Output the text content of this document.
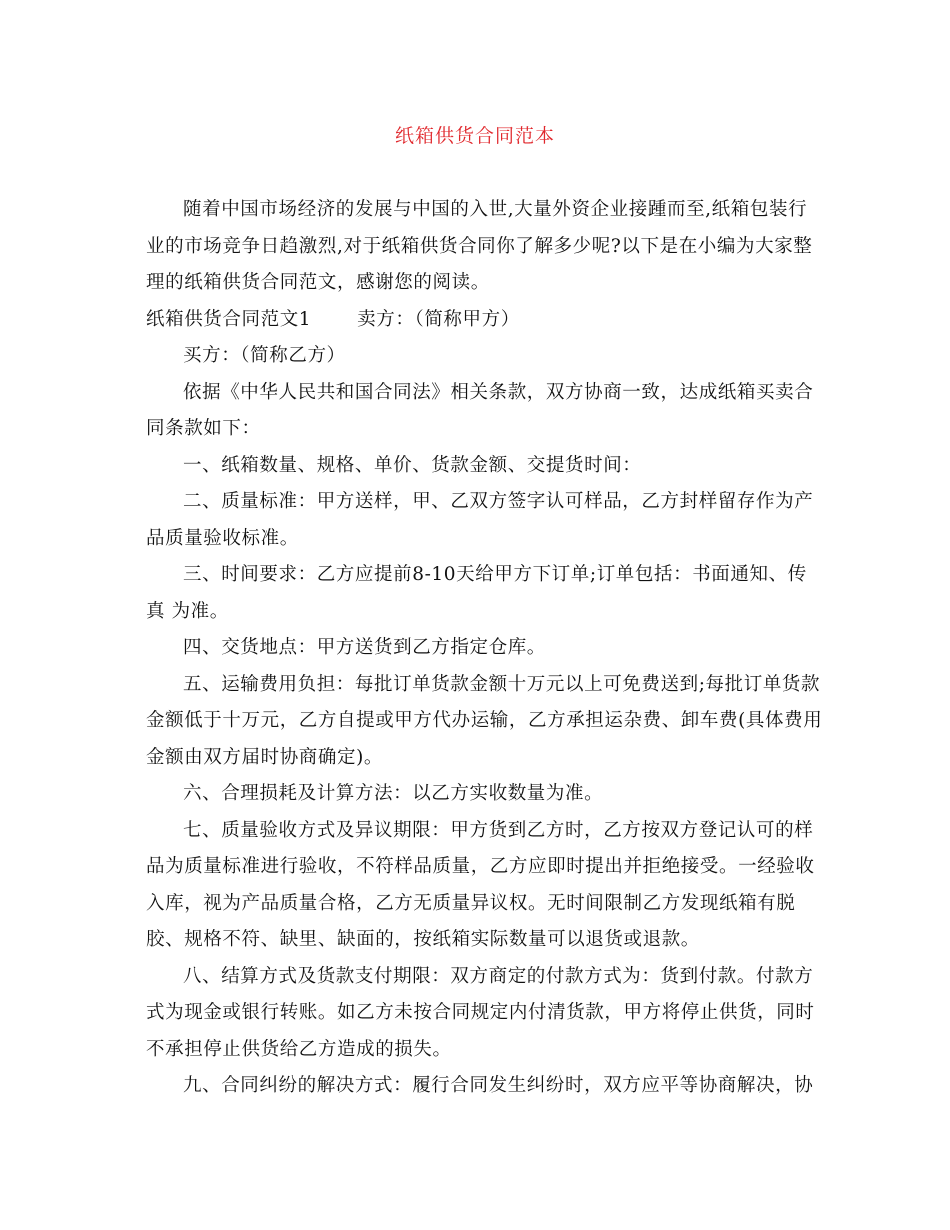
纸箱供货合同范本
随着中国市场经济的发展与中国的入世,大量外资企业接踵而至,纸箱包装行
业的市场竞争日趋激烈,对于纸箱供货合同你了解多少呢?以下是在小编为大家整
理的纸箱供货合同范文，感谢您的阅读。
纸箱供货合同范文1 卖方：（简称甲方）
买方：（简称乙方）
依据《中华人民共和国合同法》相关条款，双方协商一致，达成纸箱买卖合
同条款如下：
一、纸箱数量、规格、单价、货款金额、交提货时间：
二、质量标准：甲方送样，甲、乙双方签字认可样品，乙方封样留存作为产
品质量验收标准。
三、时间要求：乙方应提前8-10天给甲方下订单;订单包括：书面通知、传
真 为准。
四、交货地点：甲方送货到乙方指定仓库。
五、运输费用负担：每批订单货款金额十万元以上可免费送到;每批订单货款
金额低于十万元，乙方自提或甲方代办运输，乙方承担运杂费、卸车费(具体费用
金额由双方届时协商确定)。
六、合理损耗及计算方法：以乙方实收数量为准。
七、质量验收方式及异议期限：甲方货到乙方时，乙方按双方登记认可的样
品为质量标准进行验收，不符样品质量，乙方应即时提出并拒绝接受。一经验收
入库，视为产品质量合格，乙方无质量异议权。无时间限制乙方发现纸箱有脱
胶、规格不符、缺里、缺面的，按纸箱实际数量可以退货或退款。
八、结算方式及货款支付期限：双方商定的付款方式为：货到付款。付款方
式为现金或银行转账。如乙方未按合同规定内付清货款，甲方将停止供货，同时
不承担停止供货给乙方造成的损失。
九、合同纠纷的解决方式：履行合同发生纠纷时，双方应平等协商解决，协
